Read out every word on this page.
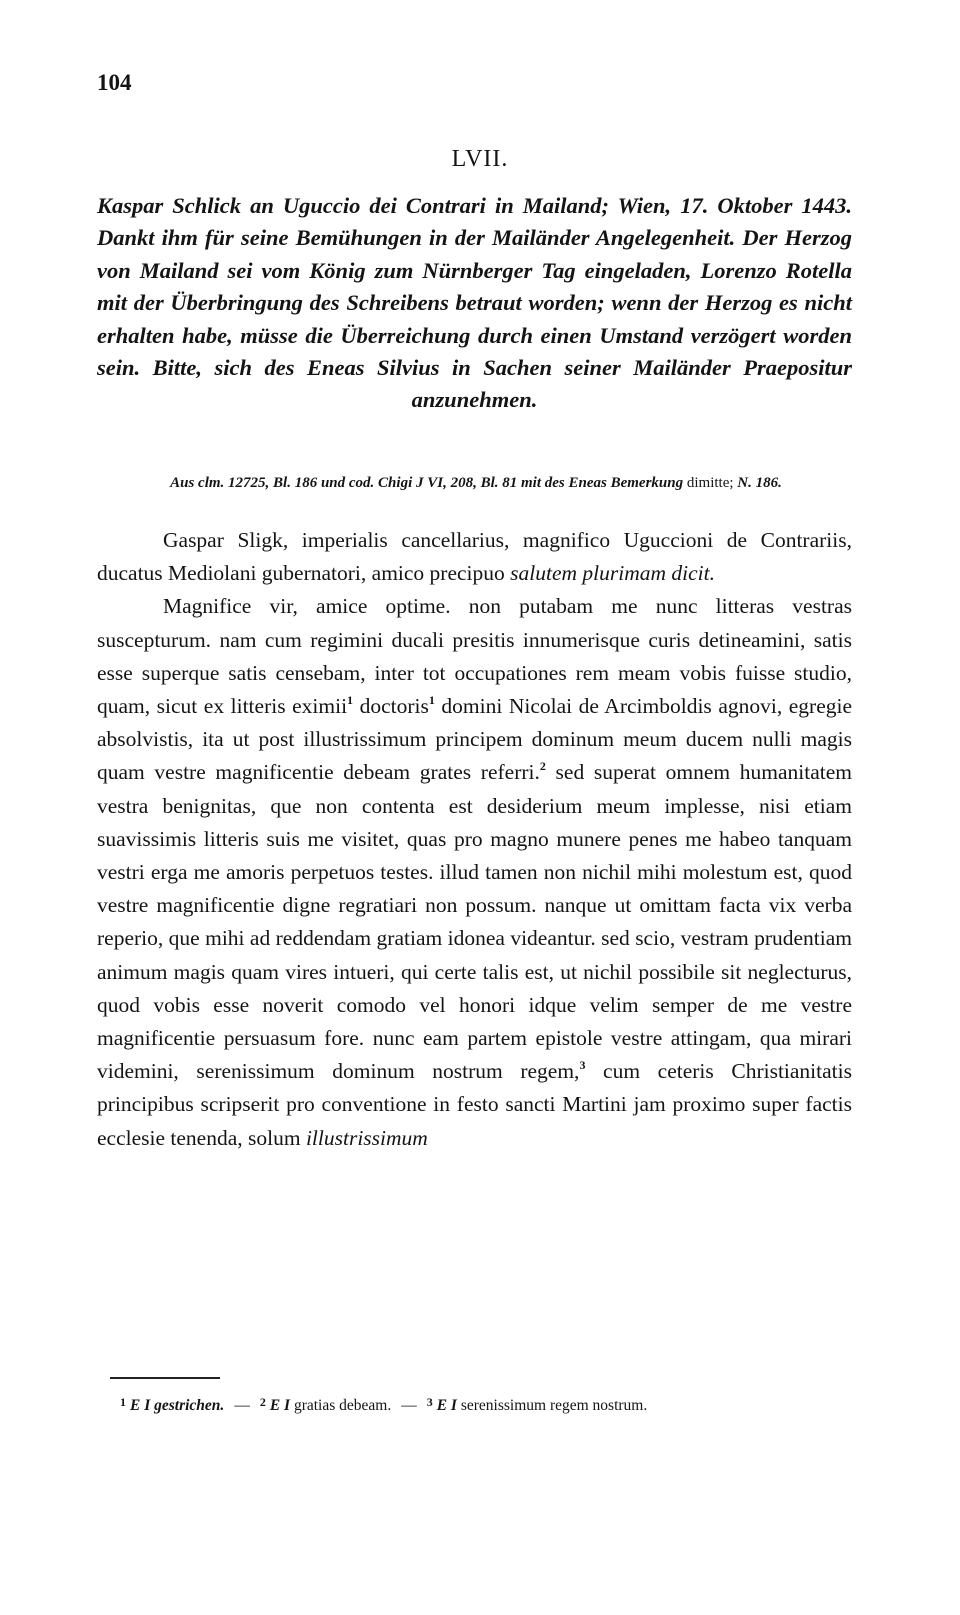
104
LVII.

Kaspar Schlick an Uguccio dei Contrari in Mailand; Wien, 17. Oktober 1443. Dankt ihm für seine Bemühungen in der Mailänder Angelegenheit. Der Herzog von Mailand sei vom König zum Nürnberger Tag eingeladen, Lorenzo Rotella mit der Überbringung des Schreibens betraut worden; wenn der Herzog es nicht erhalten habe, müsse die Überreichung durch einen Umstand verzögert worden sein. Bitte, sich des Eneas Silvius in Sachen seiner Mailänder Praepositur anzunehmen.

Aus clm. 12725, Bl. 186 und cod. Chigi J VI, 208, Bl. 81 mit des Eneas Bemerkung dimitte; N. 186.

Gaspar Sligk, imperialis cancellarius, magnifico Uguccioni de Contrariis, ducatus Mediolani gubernatori, amico precipuo salutem plurimam dicit.

Magnifice vir, amice optime. non putabam me nunc litteras vestras suscepturum. nam cum regimini ducali presitis innumerisque curis detineamini, satis esse superque satis censebam, inter tot occupationes rem meam vobis fuisse studio, quam, sicut ex litteris eximii$^1$ doctoris$^1$ domini Nicolai de Arcimboldis agnovi, egregie absolvistis, ita ut post illustrissimum principem dominum meum ducem nulli magis quam vestre magnificentie debeam grates referri.$^2$ sed superat omnem humanitatem vestra benignitas, que non contenta est desiderium meum implesse, nisi etiam suavissimis litteris suis me visitet, quas pro magno munere penes me habeo tanquam vestri erga me amoris perpetuos testes. illud tamen non nichil mihi molestum est, quod vestre magnificentie digne regratiari non possum. nanque ut omittam facta vix verba reperio, que mihi ad reddendam gratiam idonea videantur. sed scio, vestram prudentiam animum magis quam vires intueri, qui certe talis est, ut nichil possibile sit neglecturus, quod vobis esse noverit comodo vel honori idque velim semper de me vestre magnificentie persuasum fore. nunc eam partem epistole vestre attingam, qua mirari videmini, serenissimum dominum nostrum regem,$^3$ cum ceteris Christianitatis principibus scripserit pro conventione in festo sancti Martini jam proximo super factis ecclesie tenenda, solum illustrissimum

$^1$ E I gestrichen. — $^2$ E I gratias debeam. — $^3$ E I serenissimum regem nostrum.
